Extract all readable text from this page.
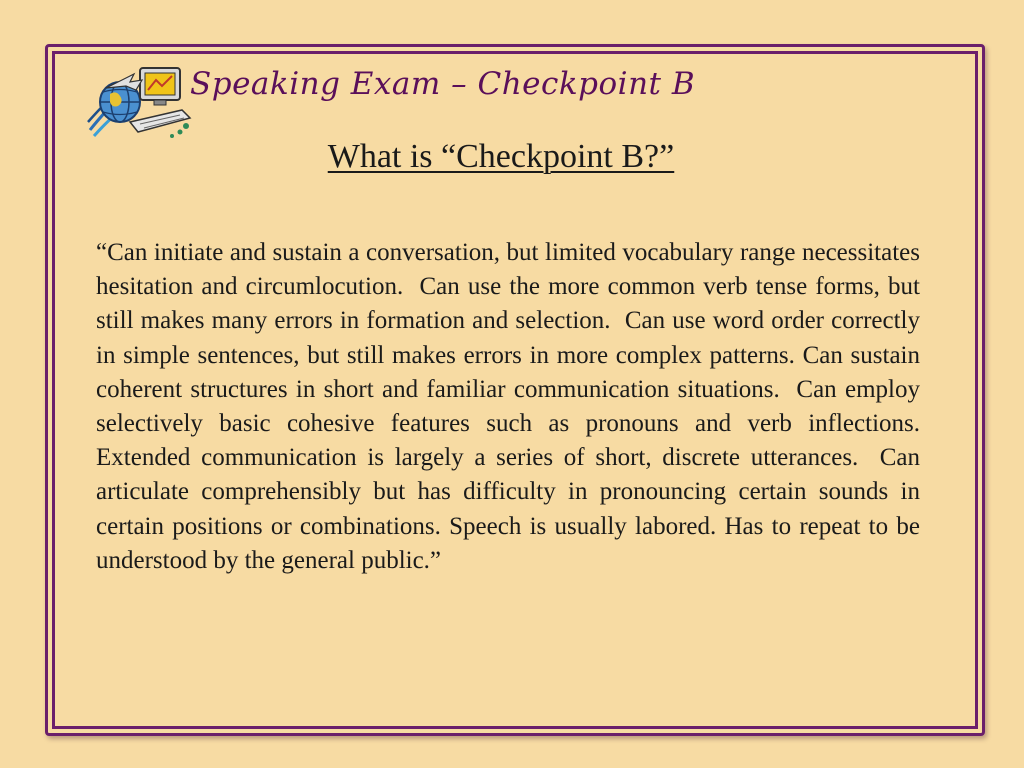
Speaking Exam – Checkpoint B
What is “Checkpoint B?”
“Can initiate and sustain a conversation, but limited vocabulary range necessitates hesitation and circumlocution.  Can use the more common verb tense forms, but still makes many errors in formation and selection.  Can use word order correctly in simple sentences, but still makes errors in more complex patterns. Can sustain coherent structures in short and familiar communication situations.  Can employ selectively basic cohesive features such as pronouns and verb inflections. Extended communication is largely a series of short, discrete utterances.  Can articulate comprehensibly but has difficulty in pronouncing certain sounds in certain positions or combinations. Speech is usually labored. Has to repeat to be understood by the general public.”
